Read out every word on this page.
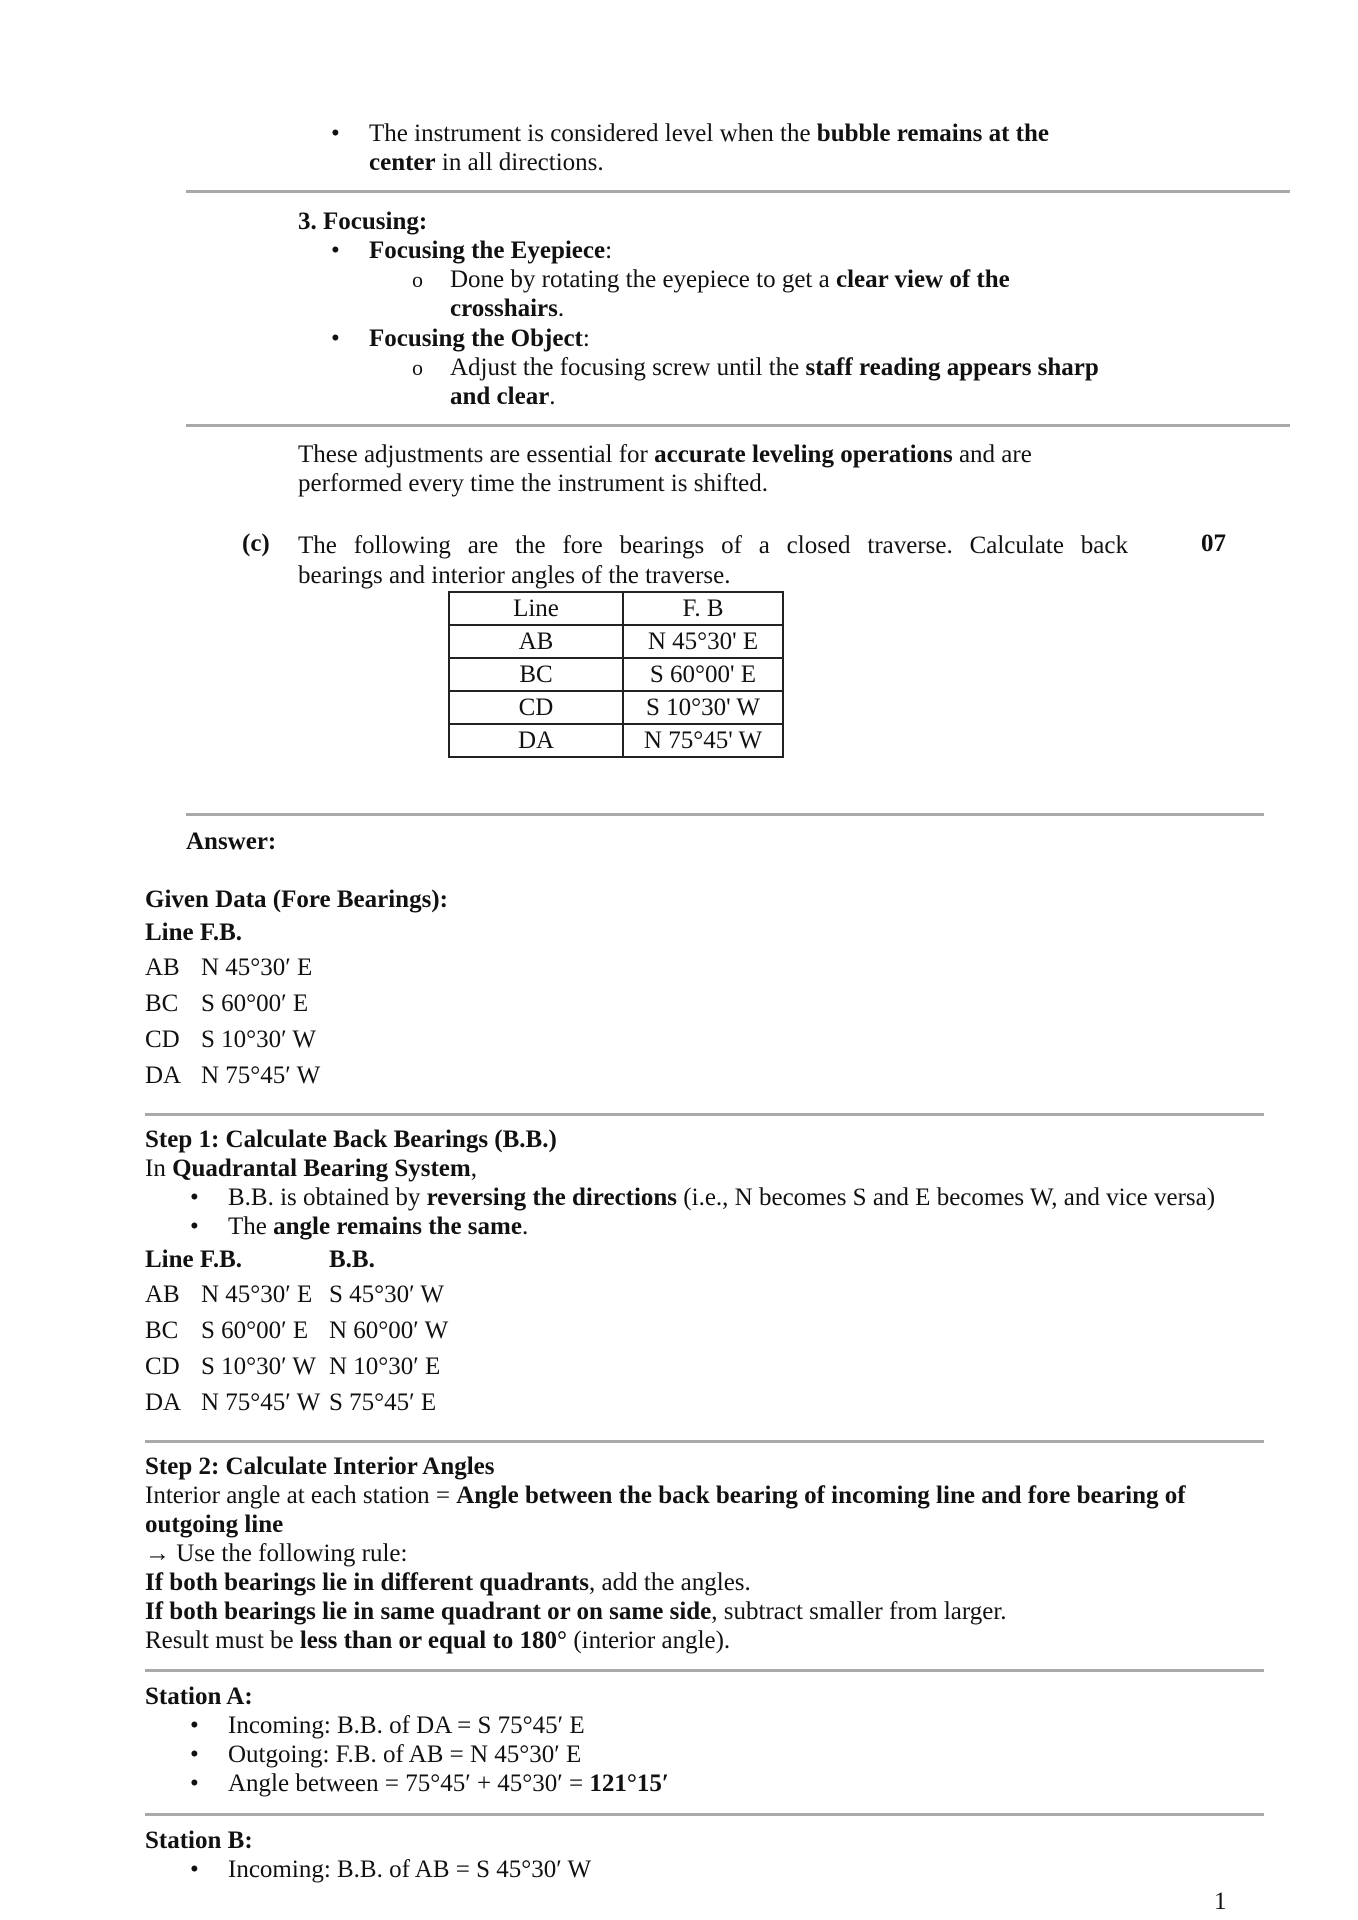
• The instrument is considered level when the bubble remains at the
center in all directions.
3. Focusing:
• Focusing the Eyepiece:
o Done by rotating the eyepiece to get a clear view of the
crosshairs.
• Focusing the Object:
o Adjust the focusing screw until the staff reading appears sharp
and clear.
These adjustments are essential for accurate leveling operations and are
performed every time the instrument is shifted.
(c) The following are the fore bearings of a closed traverse. Calculate back
bearings and interior angles of the traverse.
07
Line	F. B
AB	N 45°30' E
BC	S 60°00' E
CD	S 10°30' W
DA	N 75°45' W
Answer:
Given Data (Fore Bearings):
Line F.B.
AB N 45°30′ E
BC S 60°00′ E
CD S 10°30′ W
DA N 75°45′ W
Step 1: Calculate Back Bearings (B.B.)
In Quadrantal Bearing System,
• B.B. is obtained by reversing the directions (i.e., N becomes S and E becomes W, and vice versa)
• The angle remains the same.
Line F.B.	B.B.
AB N 45°30′ E S 45°30′ W
BC S 60°00′ E N 60°00′ W
CD S 10°30′ W N 10°30′ E
DA N 75°45′ W S 75°45′ E
Step 2: Calculate Interior Angles
Interior angle at each station = Angle between the back bearing of incoming line and fore bearing of
outgoing line
→ Use the following rule:
If both bearings lie in different quadrants, add the angles.
If both bearings lie in same quadrant or on same side, subtract smaller from larger.
Result must be less than or equal to 180° (interior angle).
Station A:
• Incoming: B.B. of DA = S 75°45′ E
• Outgoing: F.B. of AB = N 45°30′ E
• Angle between = 75°45′ + 45°30′ = 121°15′
Station B:
• Incoming: B.B. of AB = S 45°30′ W
1
